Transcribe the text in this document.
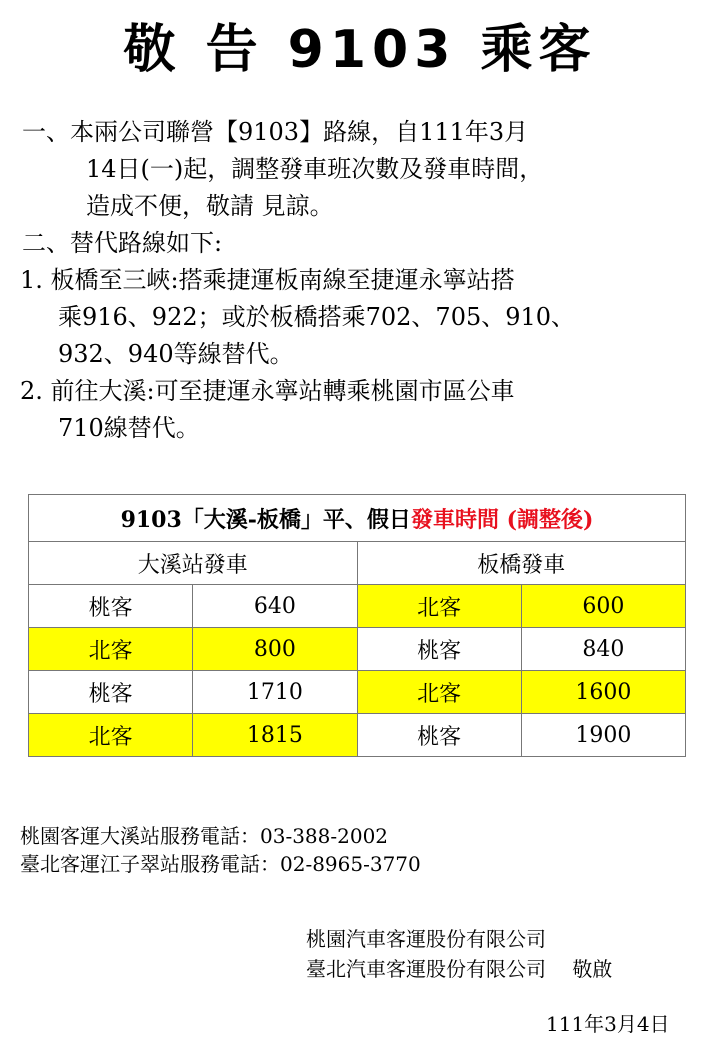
敬 告 9103 乘客
一、本兩公司聯營【9103】路線，自111年3月
14日(一)起，調整發車班次數及發車時間，
造成不便，敬請 見諒。
二、替代路線如下:
1. 板橋至三峽:搭乘捷運板南線至捷運永寧站搭
乘916、922；或於板橋搭乘702、705、910、
932、940等線替代。
2. 前往大溪:可至捷運永寧站轉乘桃園市區公車
710線替代。
9103「大溪-板橋」平、假日發車時間 (調整後)			
大溪站發車		板橋發車	
桃客	640	北客	600
北客	800	桃客	840
桃客	1710	北客	1600
北客	1815	桃客	1900
桃園客運大溪站服務電話：03-388-2002
臺北客運江子翠站服務電話：02-8965-3770
桃園汽車客運股份有限公司
臺北汽車客運股份有限公司　 敬啟
111年3月4日
